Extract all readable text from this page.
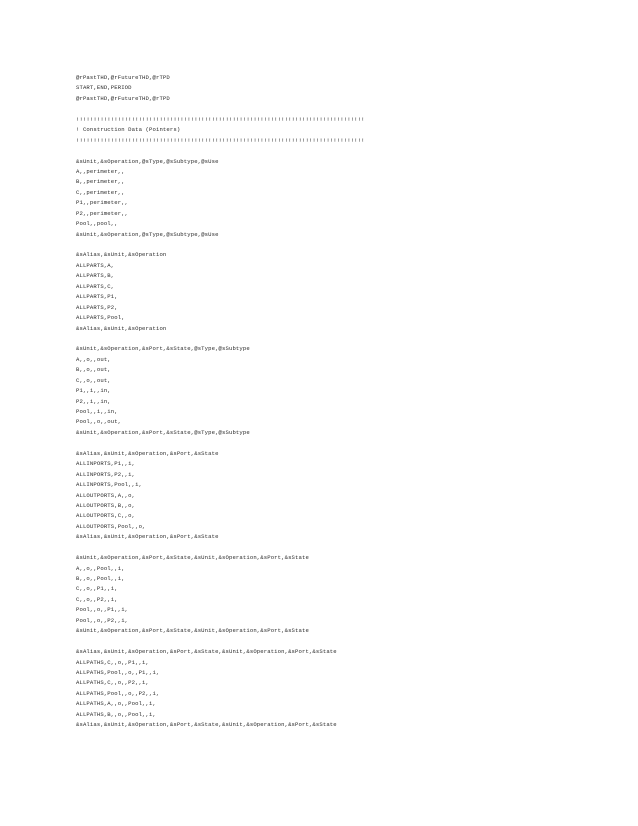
@rPastTHD,@rFutureTHD,@rTPD
START,END,PERIOD
@rPastTHD,@rFutureTHD,@rTPD
!!!!!!!!!!!!!!!!!!!!!!!!!!!!!!!!!!!!!!!!!!!!!!!!!!!!!!!!!!!!!!!!!!!!!!!!!!!!!!!!!!!
! Construction Data (Pointers)
!!!!!!!!!!!!!!!!!!!!!!!!!!!!!!!!!!!!!!!!!!!!!!!!!!!!!!!!!!!!!!!!!!!!!!!!!!!!!!!!!!!
&sUnit,&sOperation,@sType,@sSubtype,@sUse
A,,perimeter,,
B,,perimeter,,
C,,perimeter,,
P1,,perimeter,,
P2,,perimeter,,
Pool,,pool,,
&sUnit,&sOperation,@sType,@sSubtype,@sUse
&sAlias,&sUnit,&sOperation
ALLPARTS,A,
ALLPARTS,B,
ALLPARTS,C,
ALLPARTS,P1,
ALLPARTS,P2,
ALLPARTS,Pool,
&sAlias,&sUnit,&sOperation
&sUnit,&sOperation,&sPort,&sState,@sType,@sSubtype
A,,o,,out,
B,,o,,out,
C,,o,,out,
P1,,i,,in,
P2,,i,,in,
Pool,,i,,in,
Pool,,o,,out,
&sUnit,&sOperation,&sPort,&sState,@sType,@sSubtype
&sAlias,&sUnit,&sOperation,&sPort,&sState
ALLINPORTS,P1,,i,
ALLINPORTS,P2,,i,
ALLINPORTS,Pool,,i,
ALLOUTPORTS,A,,o,
ALLOUTPORTS,B,,o,
ALLOUTPORTS,C,,o,
ALLOUTPORTS,Pool,,o,
&sAlias,&sUnit,&sOperation,&sPort,&sState
&sUnit,&sOperation,&sPort,&sState,&sUnit,&sOperation,&sPort,&sState
A,,o,,Pool,,i,
B,,o,,Pool,,i,
C,,o,,P1,,i,
C,,o,,P2,,i,
Pool,,o,,P1,,i,
Pool,,o,,P2,,i,
&sUnit,&sOperation,&sPort,&sState,&sUnit,&sOperation,&sPort,&sState
&sAlias,&sUnit,&sOperation,&sPort,&sState,&sUnit,&sOperation,&sPort,&sState
ALLPATHS,C,,o,,P1,,i,
ALLPATHS,Pool,,o,,P1,,i,
ALLPATHS,C,,o,,P2,,i,
ALLPATHS,Pool,,o,,P2,,i,
ALLPATHS,A,,o,,Pool,,i,
ALLPATHS,B,,o,,Pool,,i,
&sAlias,&sUnit,&sOperation,&sPort,&sState,&sUnit,&sOperation,&sPort,&sState
